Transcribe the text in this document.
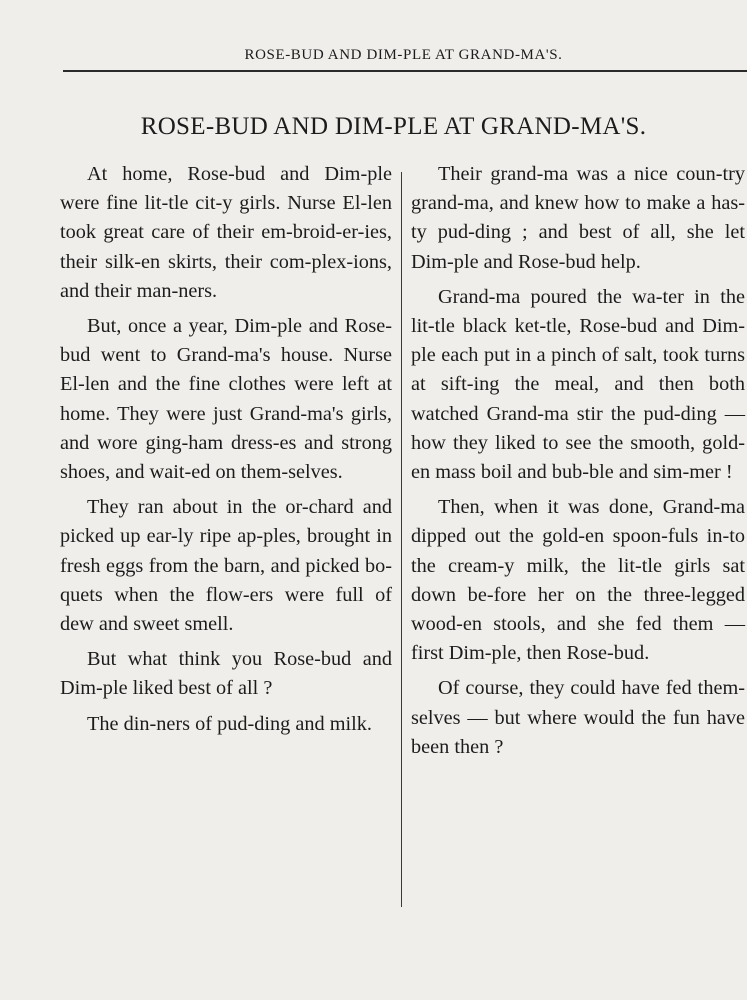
ROSE-BUD AND DIM-PLE AT GRAND-MA'S.
ROSE-BUD AND DIM-PLE AT GRAND-MA'S.

At home, Rose-bud and Dim-ple were fine lit-tle cit-y girls. Nurse El-len took great care of their em-broid-er-ies, their silk-en skirts, their com-plex-ions, and their man-ners.

But, once a year, Dim-ple and Rose-bud went to Grand-ma's house. Nurse El-len and the fine clothes were left at home. They were just Grand-ma's girls, and wore ging-ham dress-es and strong shoes, and wait-ed on them-selves.

They ran about in the or-chard and picked up ear-ly ripe ap-ples, brought in fresh eggs from the barn, and picked bo-quets when the flow-ers were full of dew and sweet smell.

But what think you Rose-bud and Dim-ple liked best of all ?

The din-ners of pud-ding and milk.

Their grand-ma was a nice coun-try grand-ma, and knew how to make a has-ty pud-ding ; and best of all, she let Dim-ple and Rose-bud help.

Grand-ma poured the wa-ter in the lit-tle black ket-tle, Rose-bud and Dim-ple each put in a pinch of salt, took turns at sift-ing the meal, and then both watched Grand-ma stir the pud-ding — how they liked to see the smooth, gold-en mass boil and bub-ble and sim-mer !

Then, when it was done, Grand-ma dipped out the gold-en spoon-fuls in-to the cream-y milk, the lit-tle girls sat down be-fore her on the three-legged wood-en stools, and she fed them — first Dim-ple, then Rose-bud.

Of course, they could have fed them-selves — but where would the fun have been then ?
